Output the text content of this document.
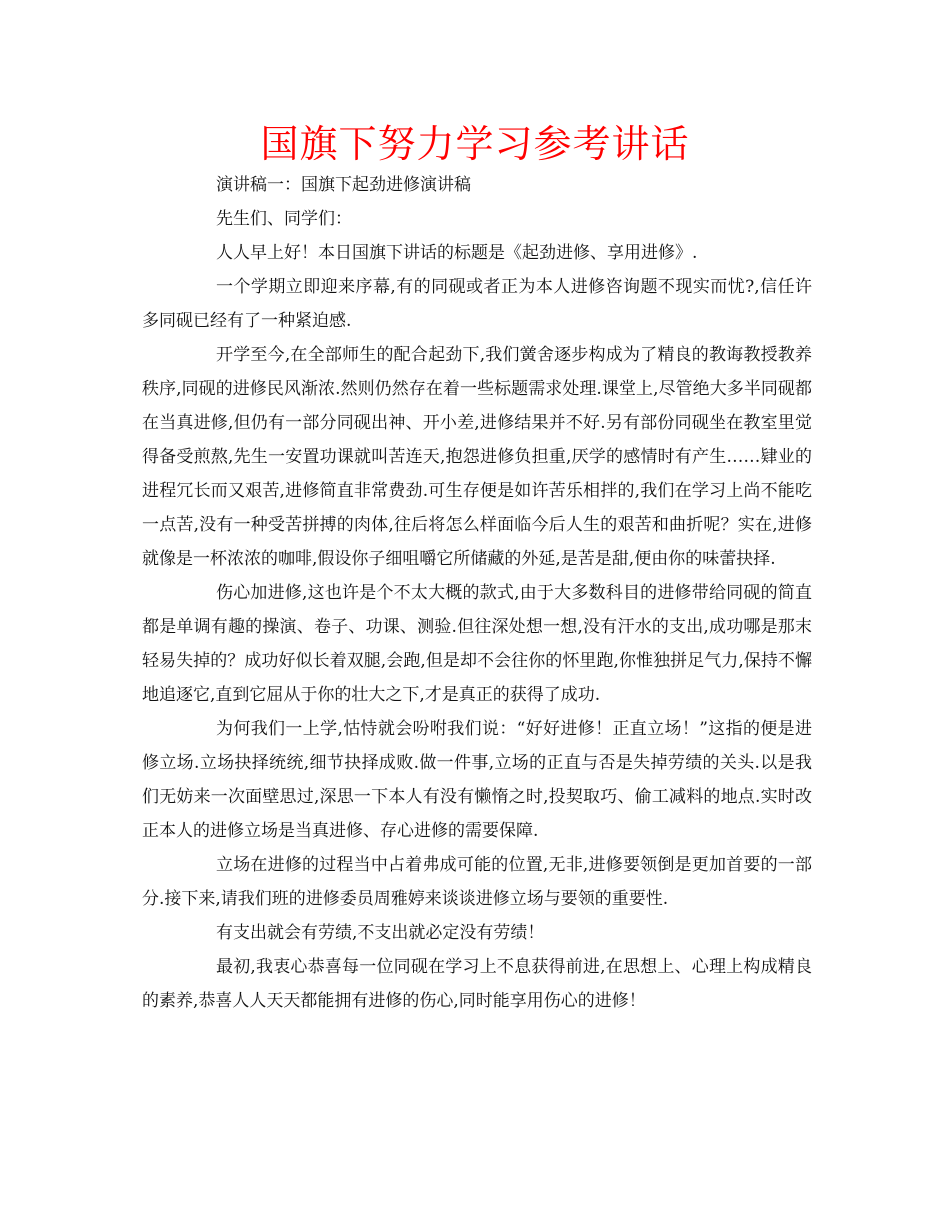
国旗下努力学习参考讲话

演讲稿一：国旗下起劲进修演讲稿

先生们、同学们：

人人早上好！本日国旗下讲话的标题是《起劲进修、享用进修》.

一个学期立即迎来序幕,有的同砚或者正为本人进修咨询题不现实而忧?,信任许多同砚已经有了一种紧迫感.

开学至今,在全部师生的配合起劲下,我们黉舍逐步构成为了精良的教诲教授教养秩序,同砚的进修民风渐浓.然则仍然存在着一些标题需求处理.课堂上,尽管绝大多半同砚都在当真进修,但仍有一部分同砚出神、开小差,进修结果并不好.另有部份同砚坐在教室里觉得备受煎熬,先生一安置功课就叫苦连天,抱怨进修负担重,厌学的感情时有产生……肄业的进程冗长而又艰苦,进修简直非常费劲.可生存便是如许苦乐相拌的,我们在学习上尚不能吃一点苦,没有一种受苦拼搏的肉体,往后将怎么样面临今后人生的艰苦和曲折呢？实在,进修就像是一杯浓浓的咖啡,假设你子细咀嚼它所储藏的外延,是苦是甜,便由你的味蕾抉择.

伤心加进修,这也许是个不太大概的款式,由于大多数科目的进修带给同砚的简直都是单调有趣的操演、卷子、功课、测验.但往深处想一想,没有汗水的支出,成功哪是那末轻易失掉的？成功好似长着双腿,会跑,但是却不会往你的怀里跑,你惟独拼足气力,保持不懈地追逐它,直到它屈从于你的壮大之下,才是真正的获得了成功.

为何我们一上学,怙恃就会吩咐我们说：“好好进修！正直立场！”这指的便是进修立场.立场抉择统统,细节抉择成败.做一件事,立场的正直与否是失掉劳绩的关头.以是我们无妨来一次面壁思过,深思一下本人有没有懒惰之时,投契取巧、偷工减料的地点.实时改正本人的进修立场是当真进修、存心进修的需要保障.

立场在进修的过程当中占着弗成可能的位置,无非,进修要领倒是更加首要的一部分.接下来,请我们班的进修委员周雅婷来谈谈进修立场与要领的重要性.

有支出就会有劳绩,不支出就必定没有劳绩！

最初,我衷心恭喜每一位同砚在学习上不息获得前进,在思想上、心理上构成精良的素养,恭喜人人天天都能拥有进修的伤心,同时能享用伤心的进修！
